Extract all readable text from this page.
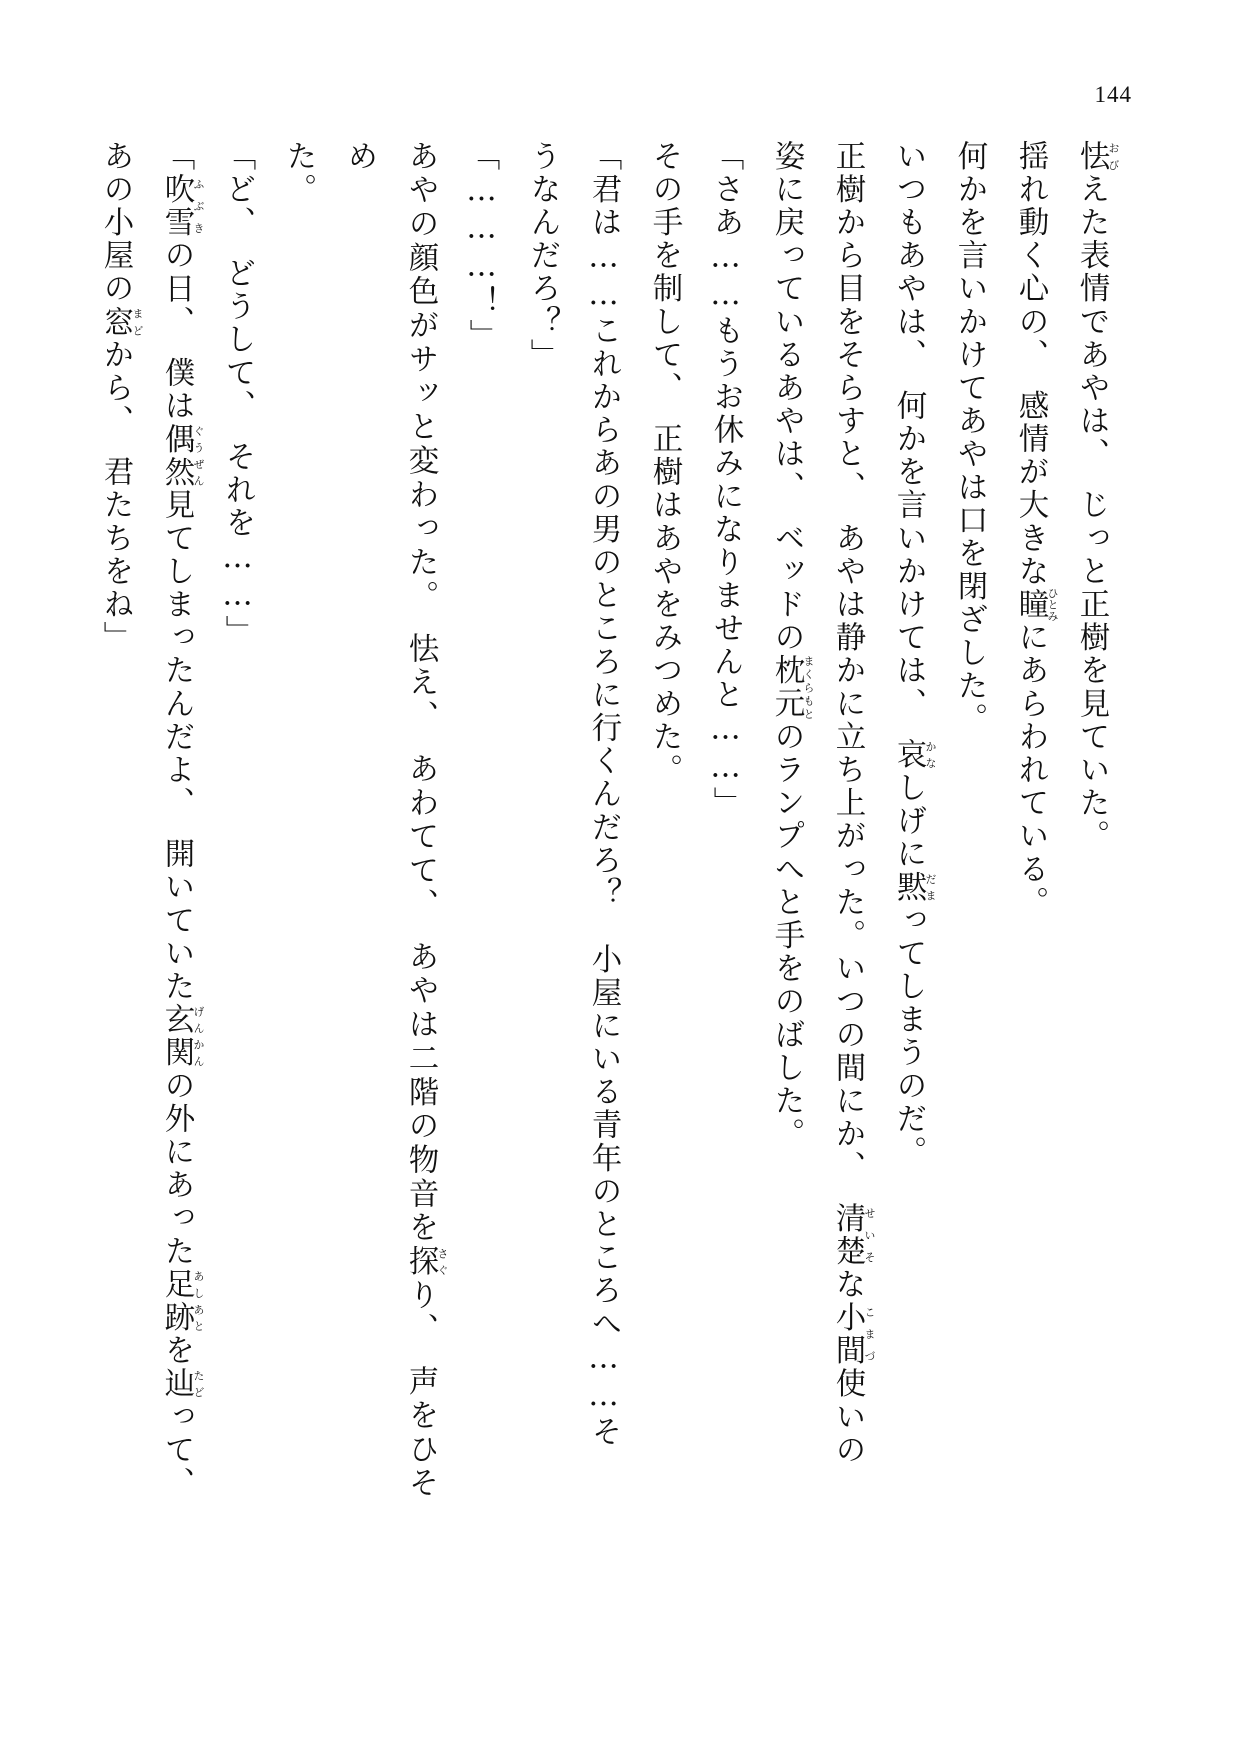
144

怯おびえた表情であやは、　じっと正樹を見ていた。

揺れ動く心の、　感情が大きな瞳ひとみにあらわれている。

何かを言いかけてあやは口を閉ざした。

いつもあやは、　何かを言いかけては、　哀かなしげに黙だまってしまうのだ。

正樹から目をそらすと、　あやは静かに立ち上がった。いつの間にか、　清楚せいそな小間こまづ使いの

姿に戻っているあやは、　ベッドの枕元まくらもとのランプへと手をのばした。

「さあ……もうお休みになりませんと……」

その手を制して、　正樹はあやをみつめた。

「君は……これからあの男のところに行くんだろ？　小屋にいる青年のところへ……そ

うなんだろ？」

「………！」

あやの顔色がサッと変わった。　怯え、　あわてて、　あやは二階の物音を探さぐり、　声をひそめ

た。

「ど、　どうして、　それを……」

「吹雪ふぶきの日、　僕は偶然ぐうぜん見てしまったんだよ、　開いていた玄関げんかんの外にあった足跡あしあとを辿たどって、

あの小屋の窓まどから、　君たちをね」
